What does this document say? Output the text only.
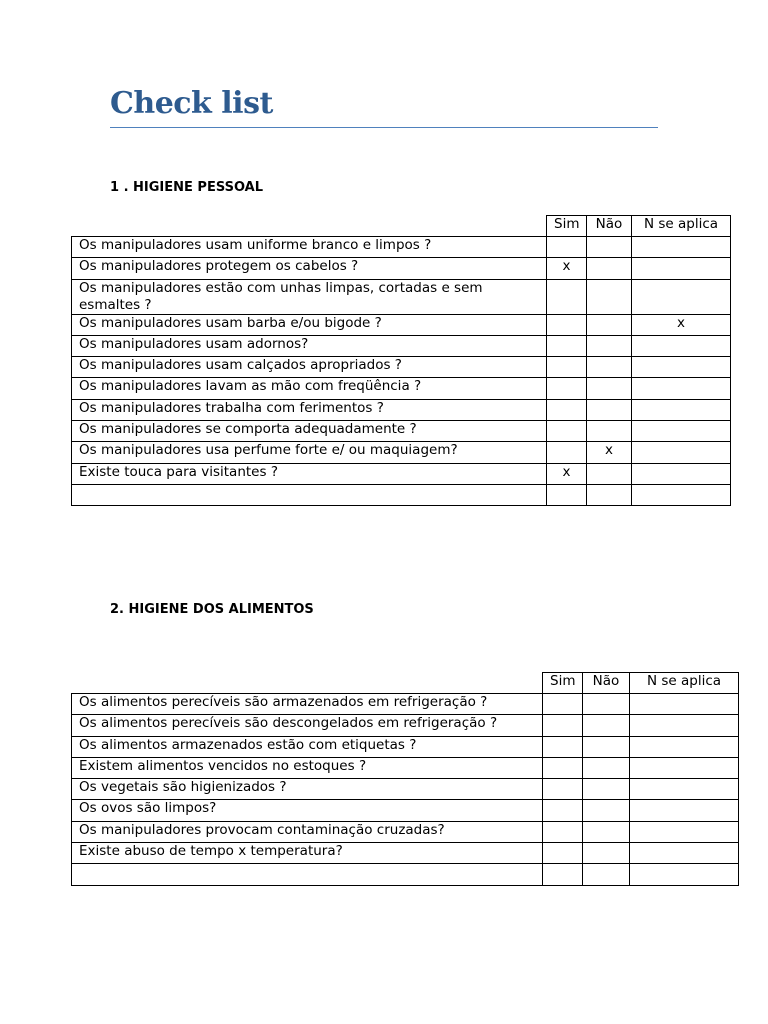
Check list
1 . HIGIENE PESSOAL
	Sim	Não	N se aplica
Os manipuladores usam uniforme branco e limpos ?			
Os manipuladores protegem os cabelos ?	x		
Os manipuladores estão com unhas limpas, cortadas e sem esmaltes ?			
Os manipuladores usam barba e/ou bigode ?			x
Os manipuladores usam adornos?			
Os manipuladores usam calçados apropriados ?			
Os manipuladores lavam as mão com freqüência ?			
Os manipuladores trabalha com ferimentos ?			
Os manipuladores se comporta adequadamente ?			
Os manipuladores usa perfume forte e/ ou maquiagem?		x	
Existe touca para visitantes ?	x		

2. HIGIENE DOS ALIMENTOS
	Sim	Não	N se aplica
Os alimentos perecíveis são armazenados em refrigeração ?			
Os alimentos perecíveis são descongelados em refrigeração ?			
Os alimentos armazenados estão com etiquetas ?			
Existem alimentos vencidos no estoques ?			
Os vegetais são higienizados ?			
Os ovos são limpos?			
Os manipuladores provocam contaminação cruzadas?			
Existe abuso de tempo x temperatura?			
